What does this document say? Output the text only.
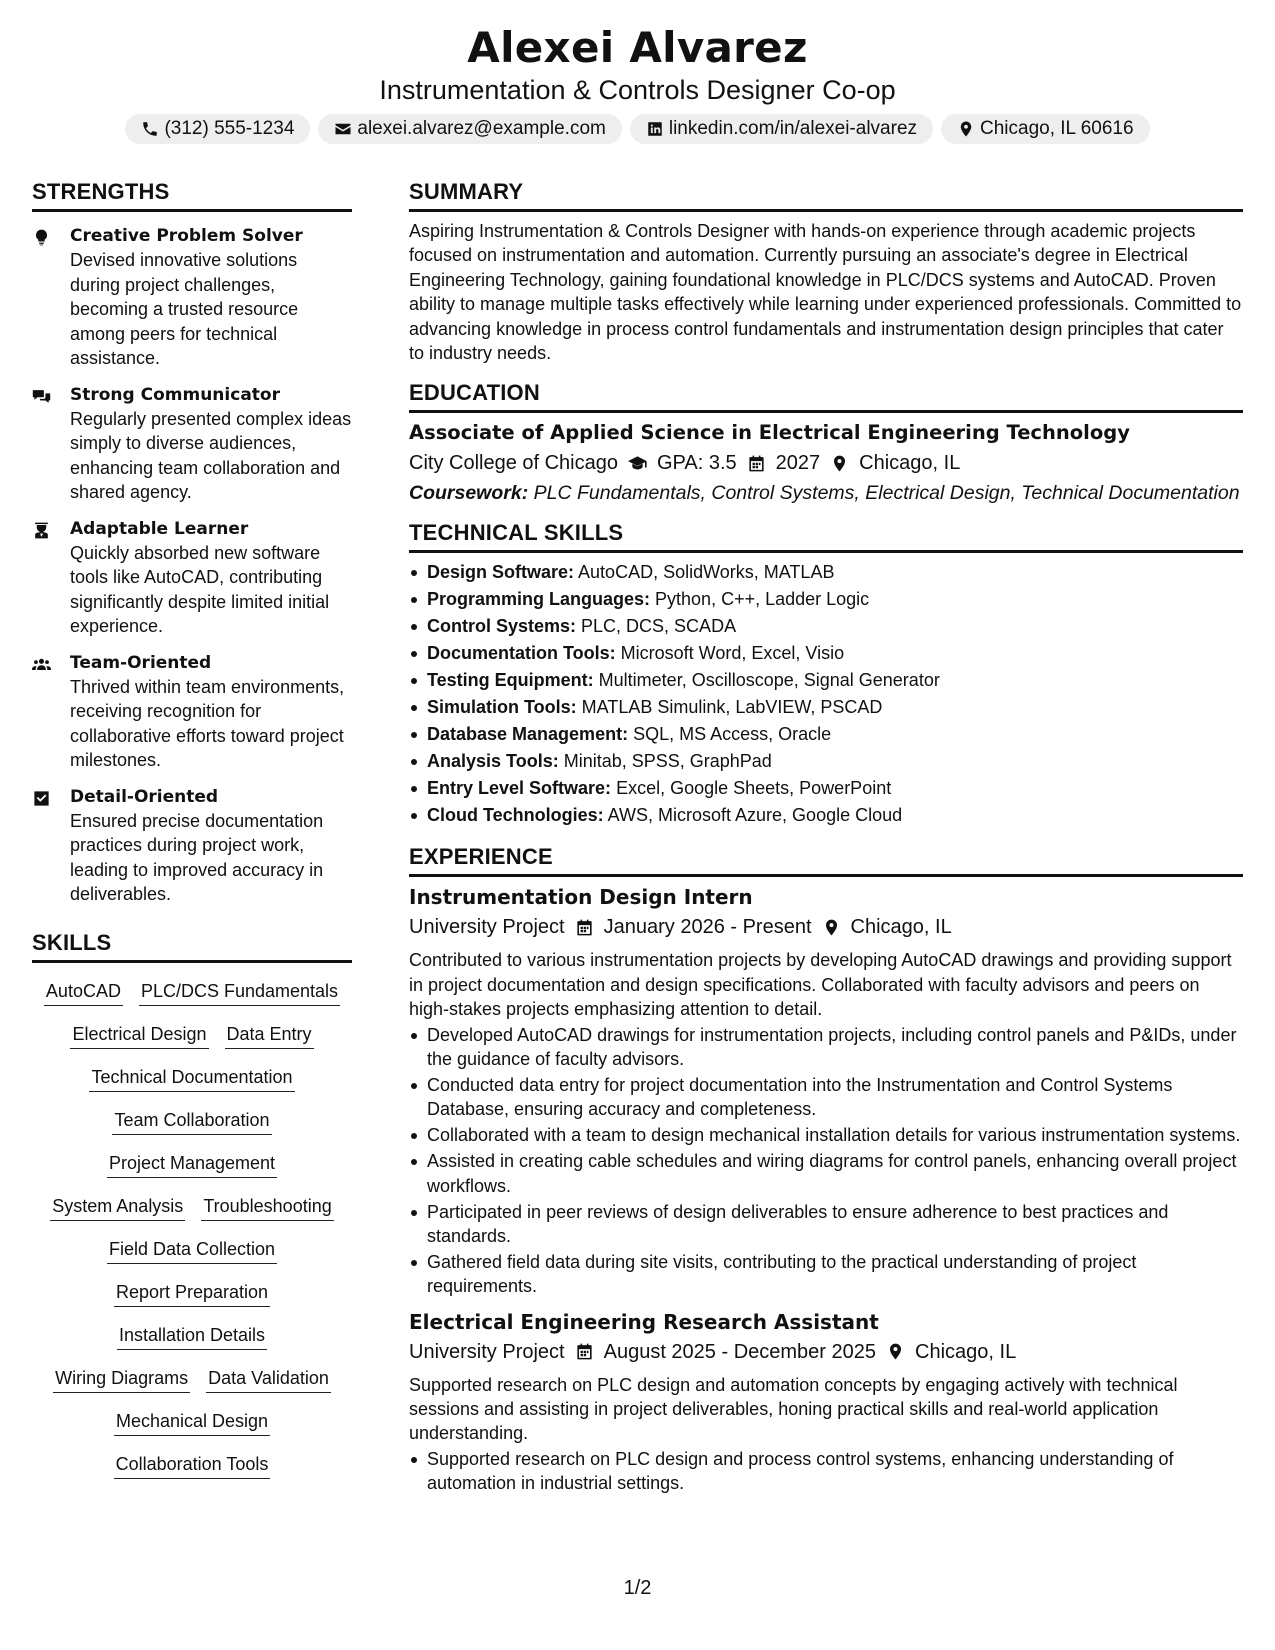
Alexei Alvarez
Instrumentation & Controls Designer Co-op
(312) 555-1234	alexei.alvarez@example.com	linkedin.com/in/alexei-alvarez	Chicago, IL 60616
STRENGTHS
Creative Problem Solver
Devised innovative solutions during project challenges, becoming a trusted resource among peers for technical assistance.
Strong Communicator
Regularly presented complex ideas simply to diverse audiences, enhancing team collaboration and shared agency.
Adaptable Learner
Quickly absorbed new software tools like AutoCAD, contributing significantly despite limited initial experience.
Team-Oriented
Thrived within team environments, receiving recognition for collaborative efforts toward project milestones.
Detail-Oriented
Ensured precise documentation practices during project work, leading to improved accuracy in deliverables.
SKILLS
AutoCAD PLC/DCS Fundamentals
Electrical Design Data Entry
Technical Documentation
Team Collaboration
Project Management
System Analysis Troubleshooting
Field Data Collection
Report Preparation
Installation Details
Wiring Diagrams Data Validation
Mechanical Design
Collaboration Tools
SUMMARY
Aspiring Instrumentation & Controls Designer with hands-on experience through academic projects focused on instrumentation and automation. Currently pursuing an associate's degree in Electrical Engineering Technology, gaining foundational knowledge in PLC/DCS systems and AutoCAD. Proven ability to manage multiple tasks effectively while learning under experienced professionals. Committed to advancing knowledge in process control fundamentals and instrumentation design principles that cater to industry needs.
EDUCATION
Associate of Applied Science in Electrical Engineering Technology
City College of Chicago GPA: 3.5 2027 Chicago, IL
Coursework: PLC Fundamentals, Control Systems, Electrical Design, Technical Documentation
TECHNICAL SKILLS
Design Software: AutoCAD, SolidWorks, MATLAB
Programming Languages: Python, C++, Ladder Logic
Control Systems: PLC, DCS, SCADA
Documentation Tools: Microsoft Word, Excel, Visio
Testing Equipment: Multimeter, Oscilloscope, Signal Generator
Simulation Tools: MATLAB Simulink, LabVIEW, PSCAD
Database Management: SQL, MS Access, Oracle
Analysis Tools: Minitab, SPSS, GraphPad
Entry Level Software: Excel, Google Sheets, PowerPoint
Cloud Technologies: AWS, Microsoft Azure, Google Cloud
EXPERIENCE
Instrumentation Design Intern
University Project January 2026 - Present Chicago, IL
Contributed to various instrumentation projects by developing AutoCAD drawings and providing support in project documentation and design specifications. Collaborated with faculty advisors and peers on high-stakes projects emphasizing attention to detail.
Developed AutoCAD drawings for instrumentation projects, including control panels and P&IDs, under the guidance of faculty advisors.
Conducted data entry for project documentation into the Instrumentation and Control Systems Database, ensuring accuracy and completeness.
Collaborated with a team to design mechanical installation details for various instrumentation systems.
Assisted in creating cable schedules and wiring diagrams for control panels, enhancing overall project workflows.
Participated in peer reviews of design deliverables to ensure adherence to best practices and standards.
Gathered field data during site visits, contributing to the practical understanding of project requirements.
Electrical Engineering Research Assistant
University Project August 2025 - December 2025 Chicago, IL
Supported research on PLC design and automation concepts by engaging actively with technical sessions and assisting in project deliverables, honing practical skills and real-world application understanding.
Supported research on PLC design and process control systems, enhancing understanding of automation in industrial settings.
1/2
